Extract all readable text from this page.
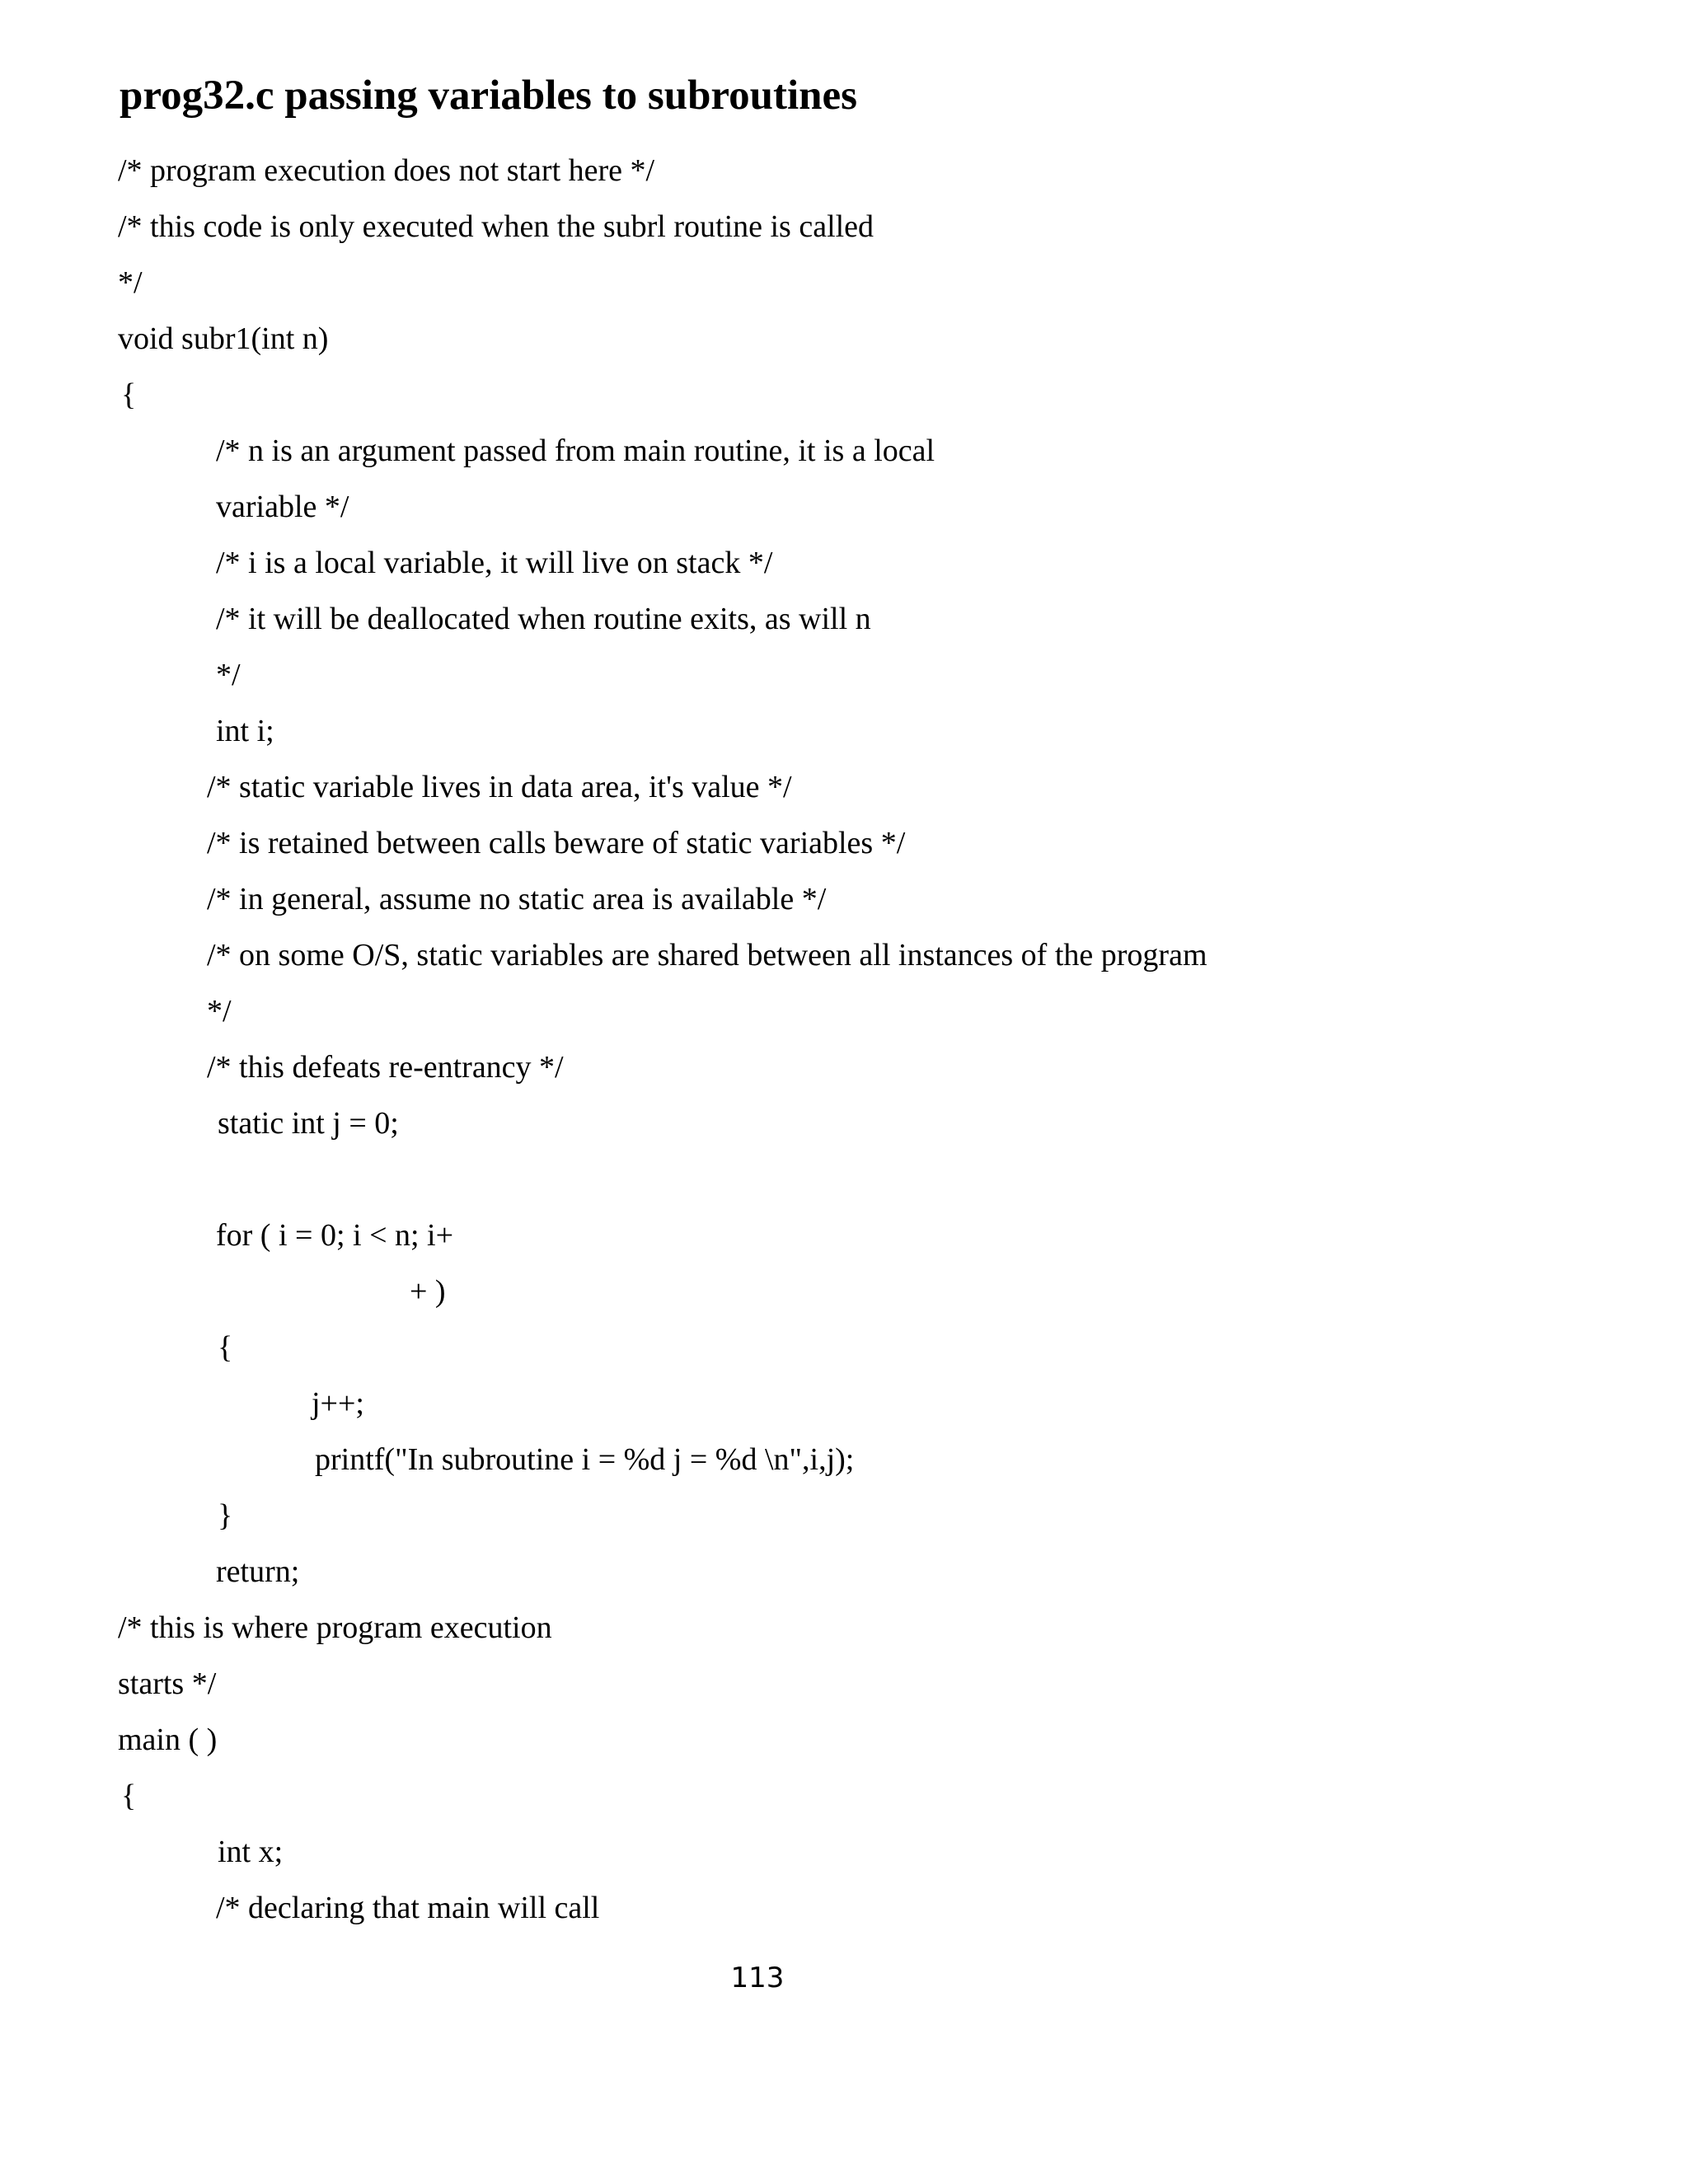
prog32.c passing variables to subroutines
/* program execution does not start here */
/* this code is only executed when the subrl routine is called
*/
void subr1(int n)
{
/* n is an argument passed from main routine, it is a local
variable */
/* i is a local variable, it will live on stack */
/* it will be deallocated when routine exits, as will n
*/
int i;
/* static variable lives in data area, it's value */
/* is retained between calls beware of static variables */
/* in general, assume no static area is available */
/* on some O/S, static variables are shared between all instances of the program
*/
/* this defeats re-entrancy */
static int j = 0;
for ( i = 0; i < n; i+
+ )
{
j++;
printf("In subroutine i = %d j = %d \n",i,j);
}
return;
/* this is where program execution
starts */
main ( )
{
int x;
/* declaring that main will call
113
